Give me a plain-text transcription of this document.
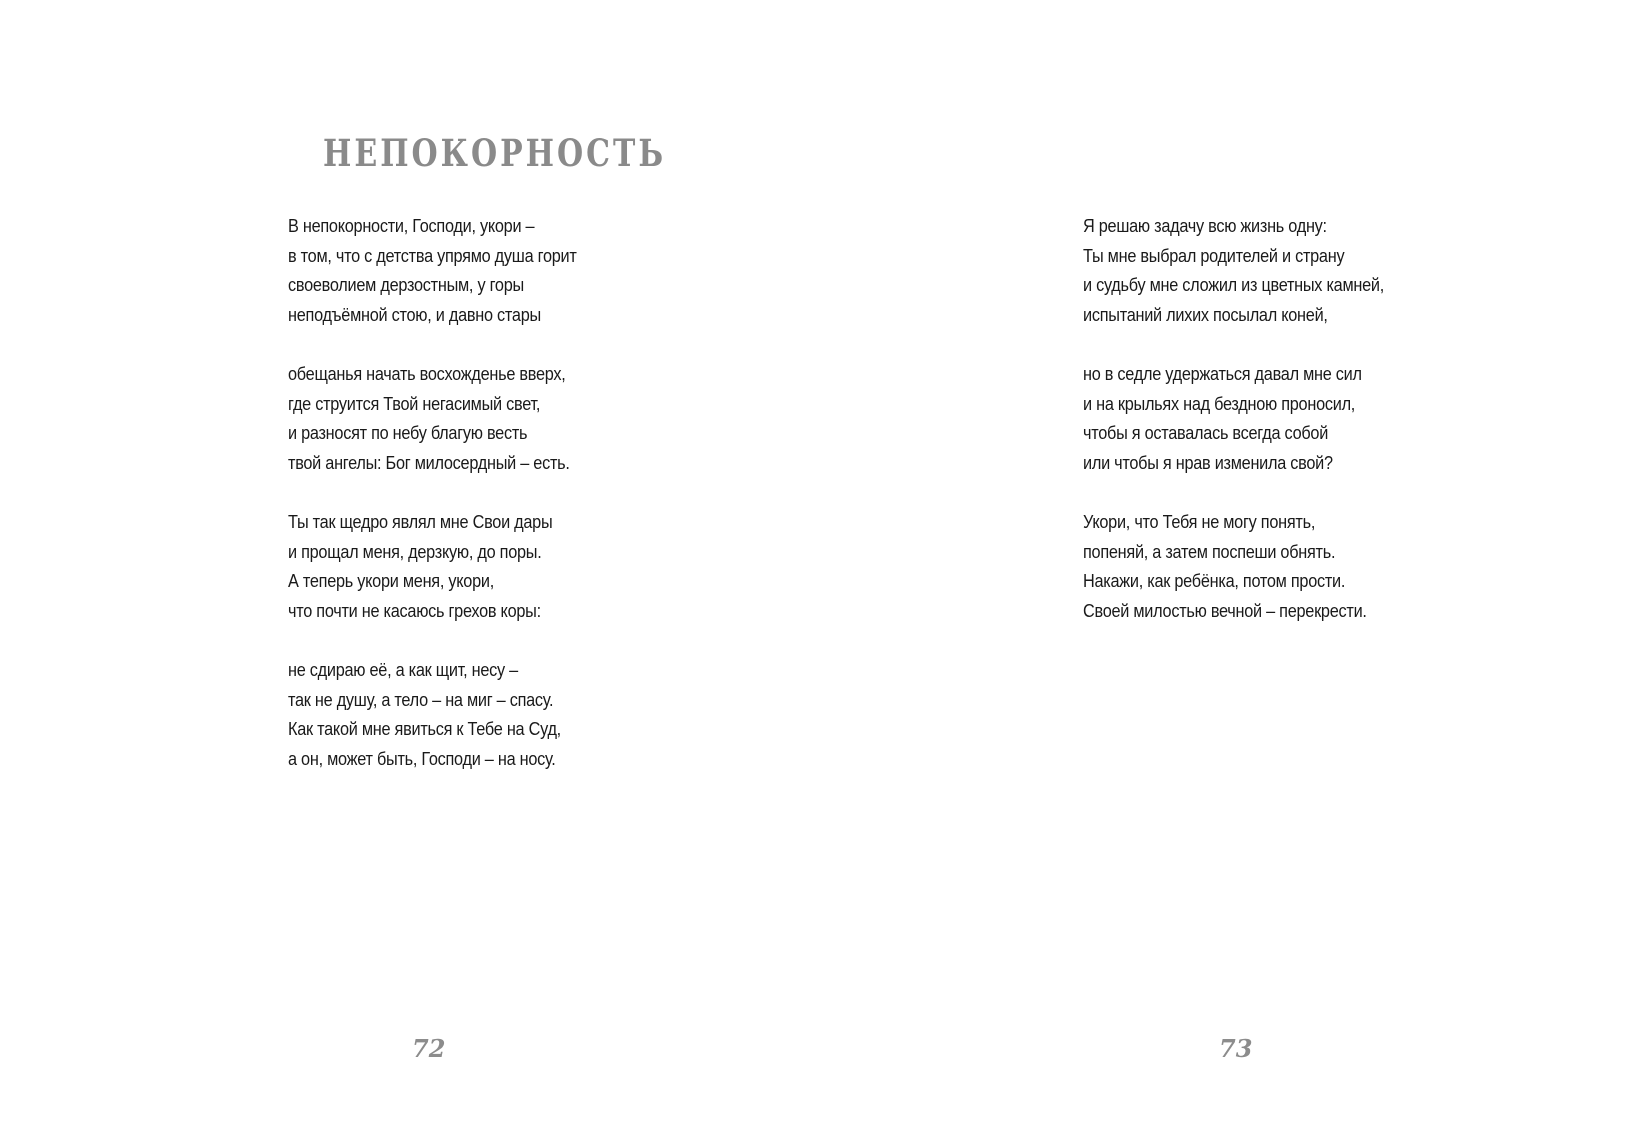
НЕПОКОРНОСТЬ
В непокорности, Господи, укори –
в том, что с детства упрямо душа горит
своеволием дерзостным, у горы
неподъёмной стою, и давно стары
обещанья начать восхожденье вверх,
где струится Твой негасимый свет,
и разносят по небу благую весть
твой ангелы: Бог милосердный – есть.
Ты так щедро являл мне Свои дары
и прощал меня, дерзкую, до поры.
А теперь укори меня, укори,
что почти не касаюсь грехов коры:
не сдираю её, а как щит, несу –
так не душу, а тело – на миг – спасу.
Как такой мне явиться к Тебе на Суд,
а он, может быть, Господи – на носу.
72
Я решаю задачу всю жизнь одну:
Ты мне выбрал родителей и страну
и судьбу мне сложил из цветных камней,
испытаний лихих посылал коней,
но в седле удержаться давал мне сил
и на крыльях над бездною проносил,
чтобы я оставалась всегда собой
или чтобы я нрав изменила свой?
Укори, что Тебя не могу понять,
попеняй, а затем поспеши обнять.
Накажи, как ребёнка, потом прости.
Своей милостью вечной – перекрести.
73
